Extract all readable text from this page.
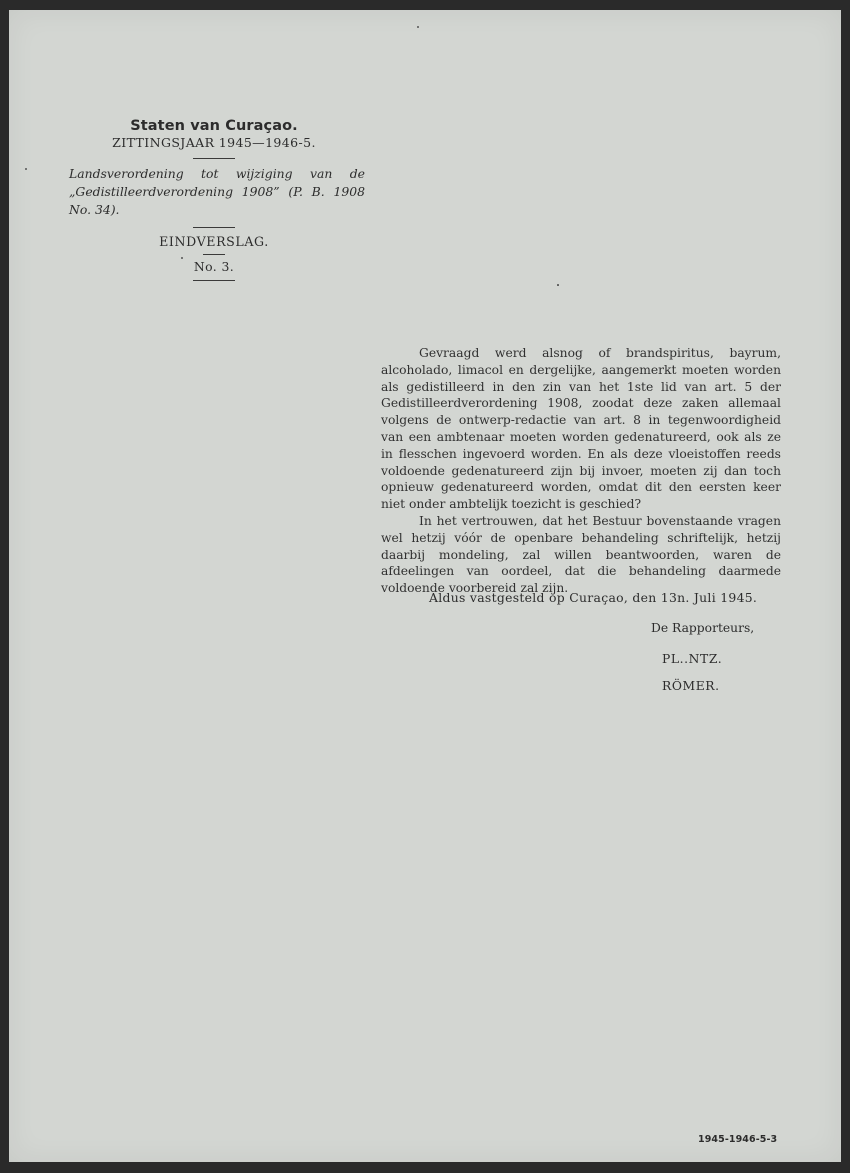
Staten van Curaçao.

ZITTINGSJAAR 1945—1946-5.

Landsverordening tot wijziging van de „Gedistilleerdverordening 1908” (P. B. 1908 No. 34).

EINDVERSLAG.

No. 3.

Gevraagd werd alsnog of brandspiritus, bayrum, alcoholado, limacol en dergelijke, aangemerkt moeten worden als gedistilleerd in den zin van het 1ste lid van art. 5 der Gedistilleerdverordening 1908, zoodat deze zaken allemaal volgens de ontwerp-redactie van art. 8 in tegenwoordigheid van een ambtenaar moeten worden gedenatureerd, ook als ze in flesschen ingevoerd worden. En als deze vloeistoffen reeds voldoende gedenatureerd zijn bij invoer, moeten zij dan toch opnieuw gedenatureerd worden, omdat dit den eersten keer niet onder ambtelijk toezicht is geschied?

In het vertrouwen, dat het Bestuur bovenstaande vragen wel hetzij vóór de openbare behandeling schriftelijk, hetzij daarbij mondeling, zal willen beantwoorden, waren de afdeelingen van oordeel, dat die behandeling daarmede voldoende voorbereid zal zijn.

Aldus vastgesteld op Curaçao, den 13n. Juli 1945.

De Rapporteurs,

PL..NTZ.

RÖMER.

1945-1946-5-3
